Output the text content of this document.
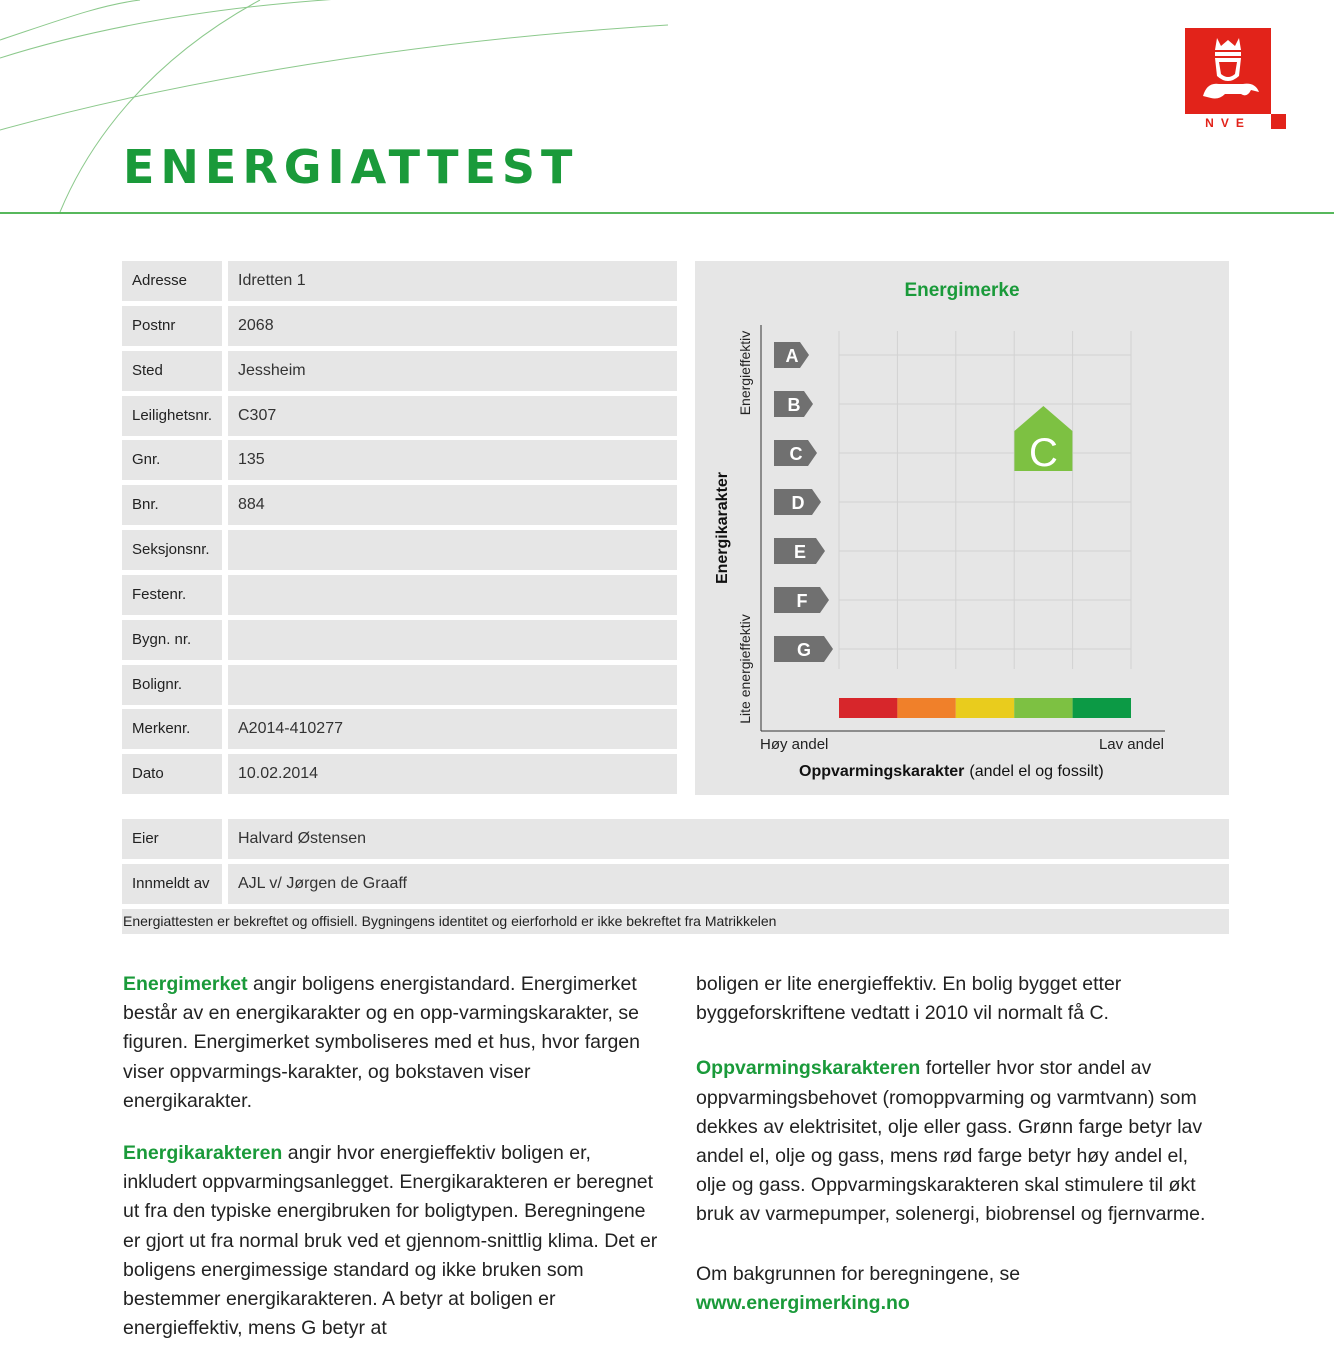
ENERGIATTEST
NVE
Adresse	Idretten 1
Postnr	2068
Sted	Jessheim
Leilighetsnr.	C307
Gnr.	135
Bnr.	884
Seksjonsnr.
Festenr.
Bygn. nr.
Bolignr.
Merkenr.	A2014-410277
Dato	10.02.2014
Energimerke
A
B
C
D
E
F
G
C
Energieffektiv
Lite energieffektiv
Energikarakter
Høy andel	Lav andel
Oppvarmingskarakter (andel el og fossilt)
Eier	Halvard Østensen
Innmeldt av	AJL v/ Jørgen de Graaff
Energiattesten er bekreftet og offisiell. Bygningens identitet og eierforhold er ikke bekreftet fra Matrikkelen

Energimerket angir boligens energistandard. Energimerket består av en energikarakter og en opp-varmingskarakter, se figuren. Energimerket symboliseres med et hus, hvor fargen viser oppvarmings-karakter, og bokstaven viser energikarakter.

Energikarakteren angir hvor energieffektiv boligen er, inkludert oppvarmingsanlegget. Energikarakteren er beregnet ut fra den typiske energibruken for boligtypen. Beregningene er gjort ut fra normal bruk ved et gjennom-snittlig klima. Det er boligens energimessige standard og ikke bruken som bestemmer energikarakteren. A betyr at boligen er energieffektiv, mens G betyr at

boligen er lite energieffektiv. En bolig bygget etter byggeforskriftene vedtatt i 2010 vil normalt få C.

Oppvarmingskarakteren forteller hvor stor andel av oppvarmingsbehovet (romoppvarming og varmtvann) som dekkes av elektrisitet, olje eller gass. Grønn farge betyr lav andel el, olje og gass, mens rød farge betyr høy andel el, olje og gass. Oppvarmingskarakteren skal stimulere til økt bruk av varmepumper, solenergi, biobrensel og fjernvarme.

Om bakgrunnen for beregningene, se www.energimerking.no
